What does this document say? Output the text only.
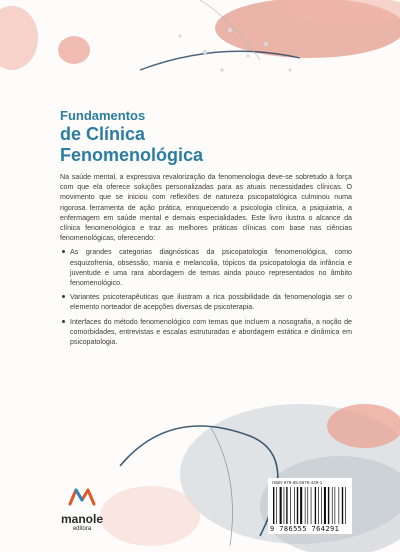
Fundamentos
de Clínica
Fenomenológica

Na saúde mental, a expressiva revalorização da fenomenologia deve-se sobretudo à força com que ela oferece soluções personalizadas para as atuais necessidades clínicas. O movimento que se iniciou com reflexões de natureza psicopatológica culminou numa rigorosa ferramenta de ação prática, enriquecendo a psicologia clínica, a psiquiatria, a enfermagem em saúde mental e demais especialidades. Este livro ilustra o alcance da clínica fenomenológica e traz as melhores práticas clínicas com base nas ciências fenomenológicas, oferecendo:

As grandes categorias diagnósticas da psicopatologia fenomenológica, como esquizofrenia, obsessão, mania e melancolia, tópicos da psicopatologia da infância e juventude e uma rara abordagem de temas ainda pouco representados no âmbito fenomenológico.
Variantes psicoterapêuticas que ilustram a rica possibilidade da fenomenologia ser o elemento norteador de acepções diversas de psicoterapia.
Interfaces do método fenomenológico com temas que incluem a nosografia, a noção de comorbidades, entrevistas e escalas estruturadas e abordagem estática e dinâmica em psicopatologia.
manole
editora
ISBN 978-65-5576-429-1
9 786555 764291
